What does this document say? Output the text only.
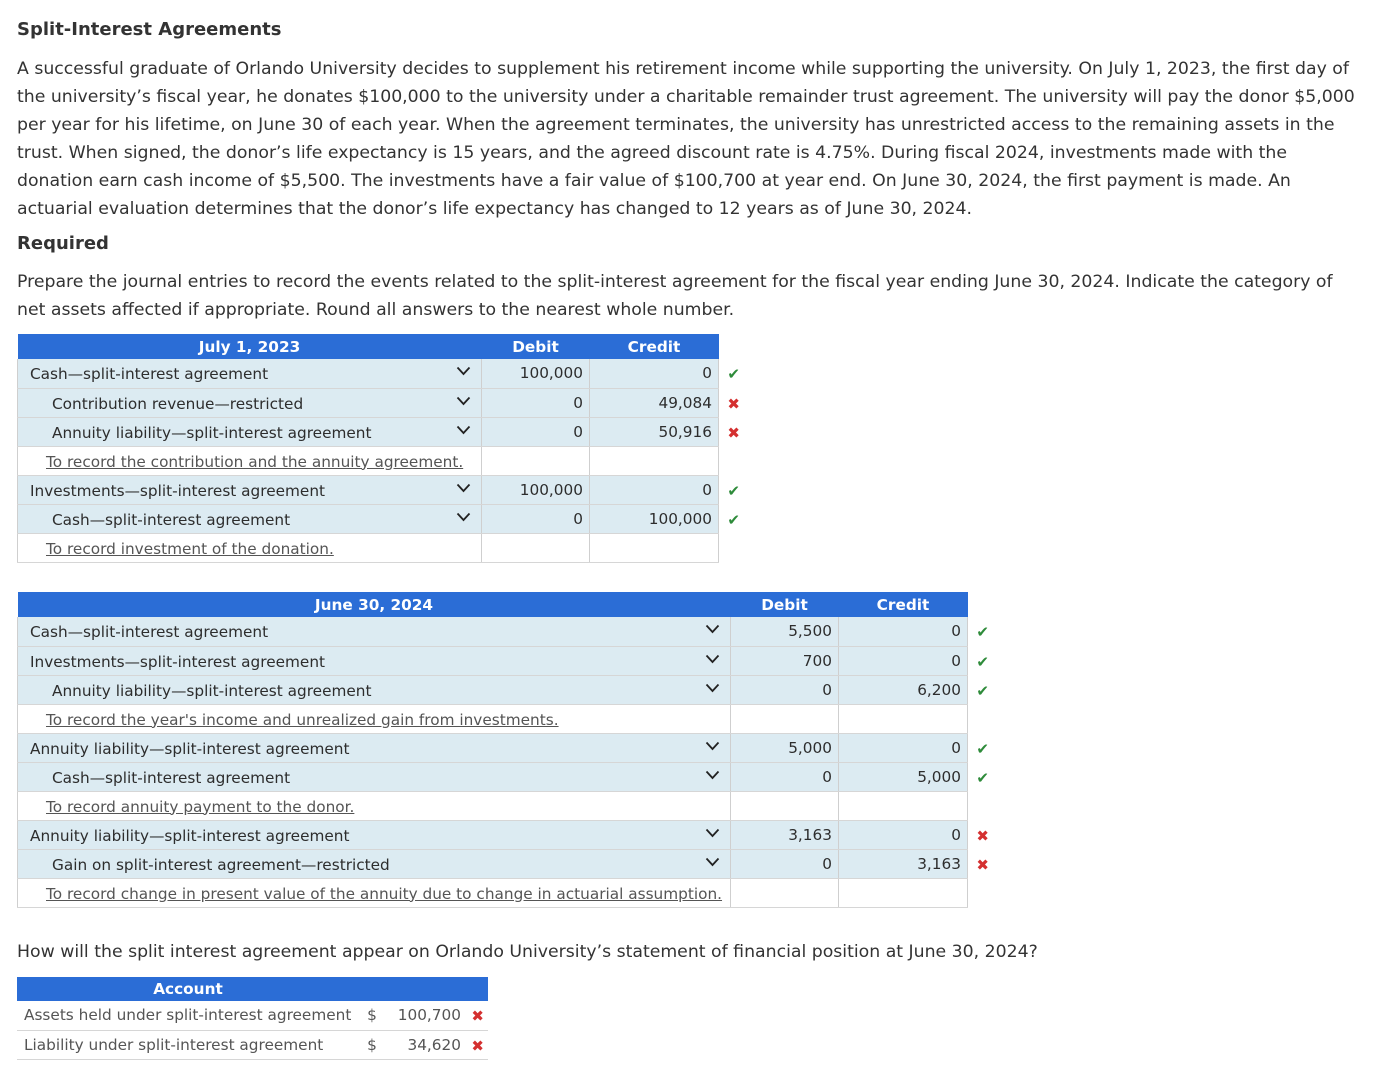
Split-Interest Agreements

A successful graduate of Orlando University decides to supplement his retirement income while supporting the university. On July 1, 2023, the first day of the university’s fiscal year, he donates $100,000 to the university under a charitable remainder trust agreement. The university will pay the donor $5,000 per year for his lifetime, on June 30 of each year. When the agreement terminates, the university has unrestricted access to the remaining assets in the trust. When signed, the donor’s life expectancy is 15 years, and the agreed discount rate is 4.75%. During fiscal 2024, investments made with the donation earn cash income of $5,500. The investments have a fair value of $100,700 at year end. On June 30, 2024, the first payment is made. An actuarial evaluation determines that the donor’s life expectancy has changed to 12 years as of June 30, 2024.

Required

Prepare the journal entries to record the events related to the split-interest agreement for the fiscal year ending June 30, 2024. Indicate the category of net assets affected if appropriate. Round all answers to the nearest whole number.

July 1, 2023	Debit	Credit

Cash—split-interest agreement	100,000	0 ✔

Contribution revenue—restricted	0	49,084 ✖

Annuity liability—split-interest agreement	0	50,916 ✖

To record the contribution and the annuity agreement.		

Investments—split-interest agreement	100,000	0 ✔

Cash—split-interest agreement	0	100,000 ✔

To record investment of the donation.		

June 30, 2024	Debit	Credit

Cash—split-interest agreement	5,500	0 ✔

Investments—split-interest agreement	700	0 ✔

Annuity liability—split-interest agreement	0	6,200 ✔

To record the year's income and unrealized gain from investments.		

Annuity liability—split-interest agreement	5,000	0 ✔

Cash—split-interest agreement	0	5,000 ✔

To record annuity payment to the donor.		

Annuity liability—split-interest agreement	3,163	0 ✖

Gain on split-interest agreement—restricted	0	3,163 ✖

To record change in present value of the annuity due to change in actuarial assumption.		

How will the split interest agreement appear on Orlando University’s statement of financial position at June 30, 2024?

Account		
Assets held under split-interest agreement	$	100,700 ✖

Liability under split-interest agreement	$	34,620 ✖
